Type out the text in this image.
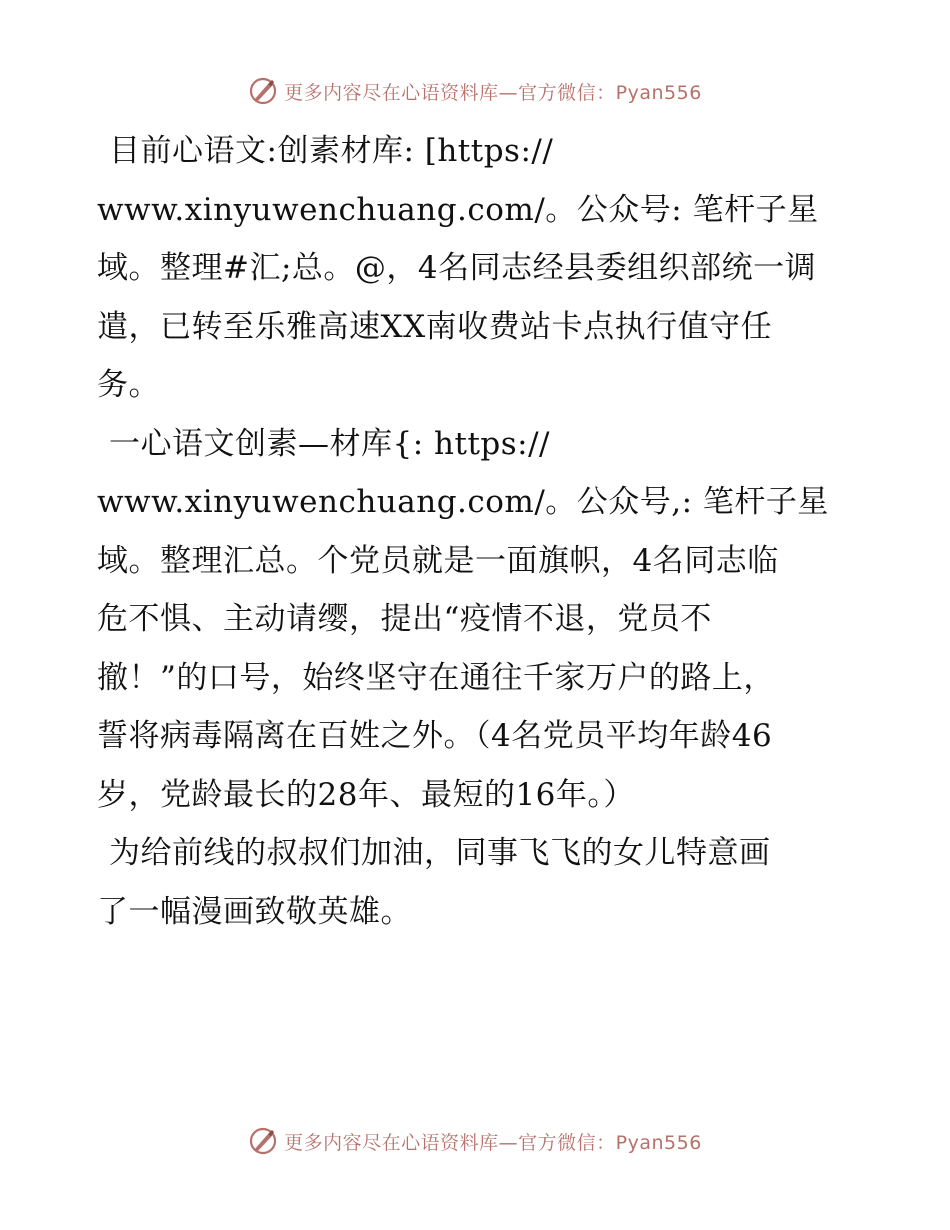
更多内容尽在心语资料库—官方微信：Pyan556

目前心语文:创素材库: [https://
www.xinyuwenchuang.com/。公众号: 笔杆子星
域。整理#汇;总。@，4名同志经县委组织部统一调
遣，已转至乐雅高速XX南收费站卡点执行值守任
务。

一心语文创素—材库{: https://
www.xinyuwenchuang.com/。公众号,: 笔杆子星
域。整理汇总。个党员就是一面旗帜，4名同志临
危不惧、主动请缨，提出“疫情不退，党员不
撤！”的口号，始终坚守在通往千家万户的路上，
誓将病毒隔离在百姓之外。（4名党员平均年龄46
岁，党龄最长的28年、最短的16年。）

为给前线的叔叔们加油，同事飞飞的女儿特意画
了一幅漫画致敬英雄。

更多内容尽在心语资料库—官方微信：Pyan556
